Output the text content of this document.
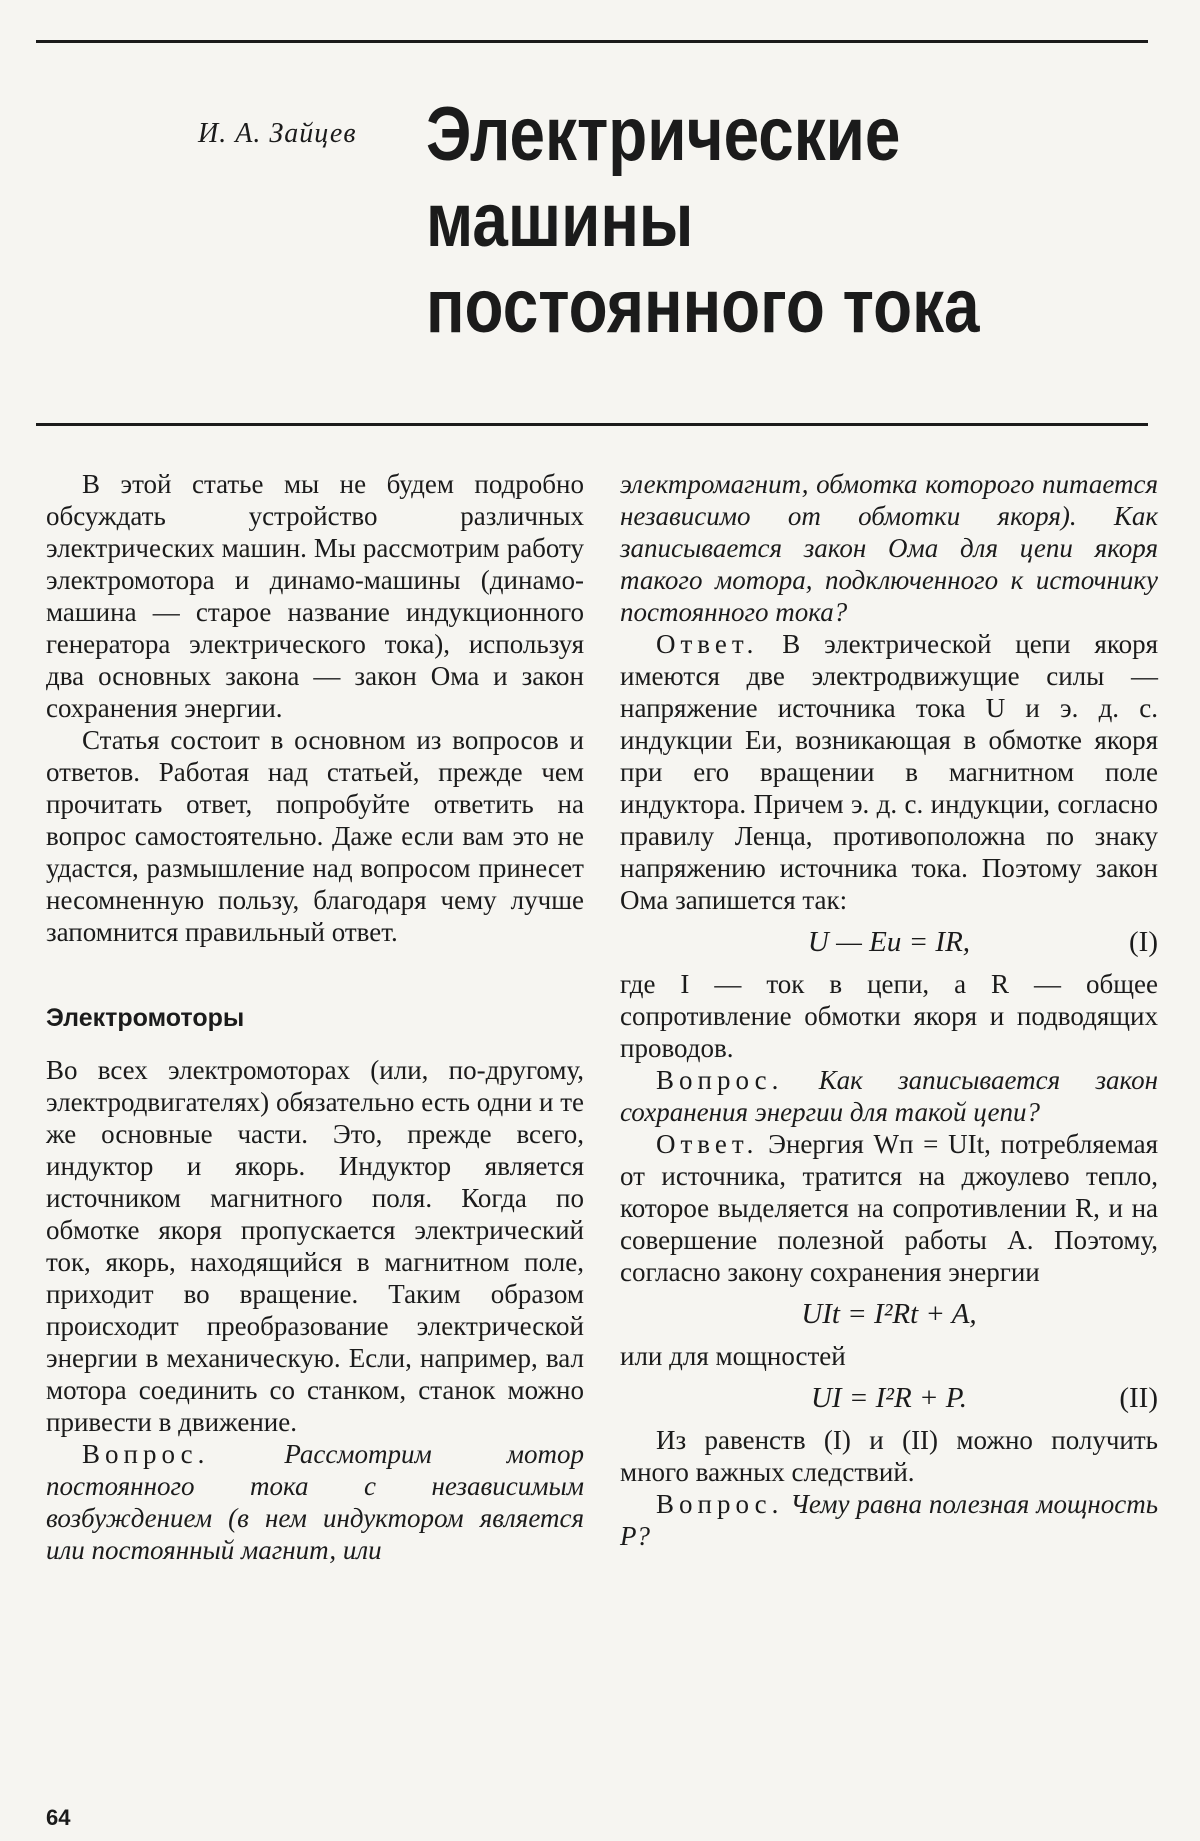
И. А. Зайцев Электрические
машины
постоянного тока

В этой статье мы не будем подробно обсуждать устройство различных электрических машин. Мы рассмотрим работу электромотора и динамо-машины (динамо-машина — старое название индукционного генератора электрического тока), используя два основных закона — закон Ома и закон сохранения энергии.

Статья состоит в основном из вопросов и ответов. Работая над статьей, прежде чем прочитать ответ, попробуйте ответить на вопрос самостоятельно. Даже если вам это не удастся, размышление над вопросом принесет несомненную пользу, благодаря чему лучше запомнится правильный ответ.

Электромоторы

Во всех электромоторах (или, по-другому, электродвигателях) обязательно есть одни и те же основные части. Это, прежде всего, индуктор и якорь. Индуктор является источником магнитного поля. Когда по обмотке якоря пропускается электрический ток, якорь, находящийся в магнитном поле, приходит во вращение. Таким образом происходит преобразование электрической энергии в механическую. Если, например, вал мотора соединить со станком, станок можно привести в движение.

Вопрос.	Рассмотрим мотор постоянного тока с независимым возбуждением (в нем индуктором является или постоянный магнит, или

электромагнит, обмотка которого питается независимо от обмотки якоря). Как записывается закон Ома для цепи якоря такого мотора, подключенного к источнику постоянного тока?

Ответ. В электрической цепи якоря имеются две электродвижущие силы — напряжение источника тока U и э. д. с. индукции Eи, возникающая в обмотке якоря при его вращении в магнитном поле индуктора. Причем э. д. с. индукции, согласно правилу Ленца, противоположна по знаку напряжению источника тока. Поэтому закон Ома запишется так:

U — Eи = IR,	(I)

где I — ток в цепи, а R — общее сопротивление обмотки якоря и подводящих проводов.

Вопрос. Как записывается закон сохранения энергии для такой цепи?

Ответ. Энергия Wп = UIt, потребляемая от источника, тратится на джоулево тепло, которое выделяется на сопротивлении R, и на совершение полезной работы A. Поэтому, согласно закону сохранения энергии

UIt = I²Rt + A,

или для мощностей

UI = I²R + P.	(II)

Из равенств (I) и (II) можно получить много важных следствий.

Вопрос. Чему равна полезная мощность P?

64
